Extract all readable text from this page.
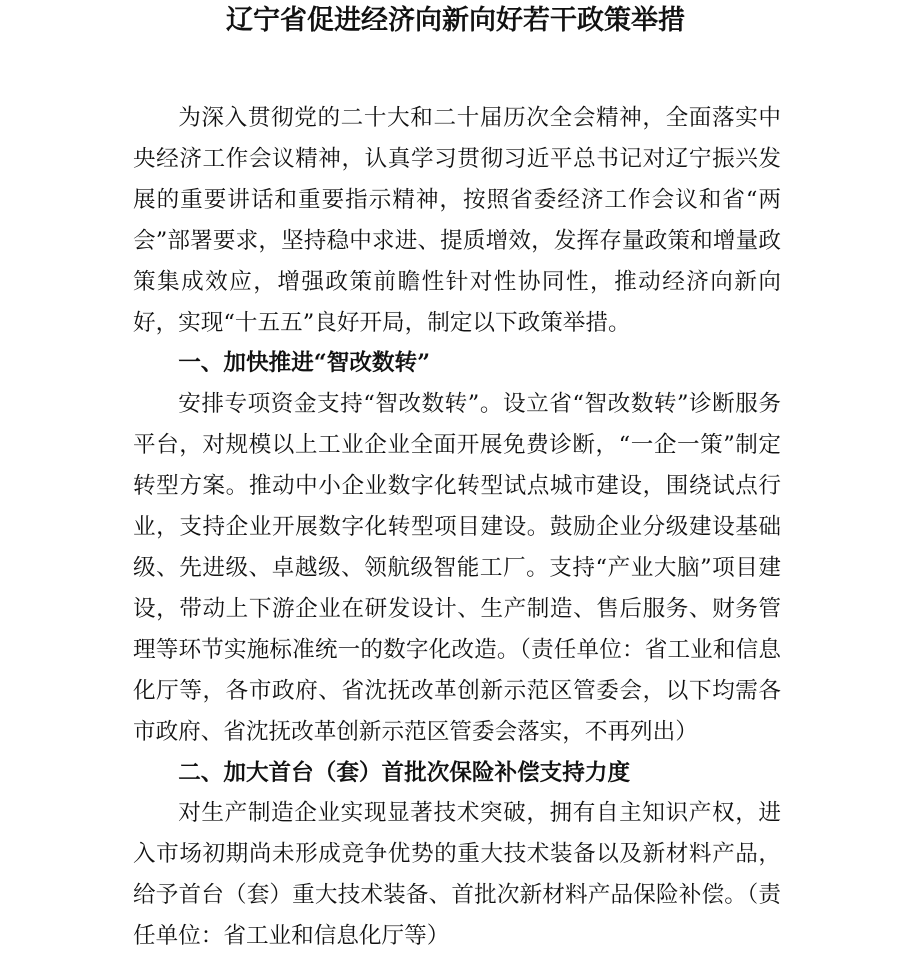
辽宁省促进经济向新向好若干政策举措

为深入贯彻党的二十大和二十届历次全会精神，全面落实中央经济工作会议精神，认真学习贯彻习近平总书记对辽宁振兴发展的重要讲话和重要指示精神，按照省委经济工作会议和省“两会”部署要求，坚持稳中求进、提质增效，发挥存量政策和增量政策集成效应，增强政策前瞻性针对性协同性，推动经济向新向好，实现“十五五”良好开局，制定以下政策举措。

一、加快推进“智改数转”

安排专项资金支持“智改数转”。设立省“智改数转”诊断服务平台，对规模以上工业企业全面开展免费诊断，“一企一策”制定转型方案。推动中小企业数字化转型试点城市建设，围绕试点行业，支持企业开展数字化转型项目建设。鼓励企业分级建设基础级、先进级、卓越级、领航级智能工厂。支持“产业大脑”项目建设，带动上下游企业在研发设计、生产制造、售后服务、财务管理等环节实施标准统一的数字化改造。（责任单位：省工业和信息化厅等，各市政府、省沈抚改革创新示范区管委会，以下均需各市政府、省沈抚改革创新示范区管委会落实，不再列出）

二、加大首台（套）首批次保险补偿支持力度

对生产制造企业实现显著技术突破，拥有自主知识产权，进入市场初期尚未形成竞争优势的重大技术装备以及新材料产品，给予首台（套）重大技术装备、首批次新材料产品保险补偿。（责任单位：省工业和信息化厅等）
